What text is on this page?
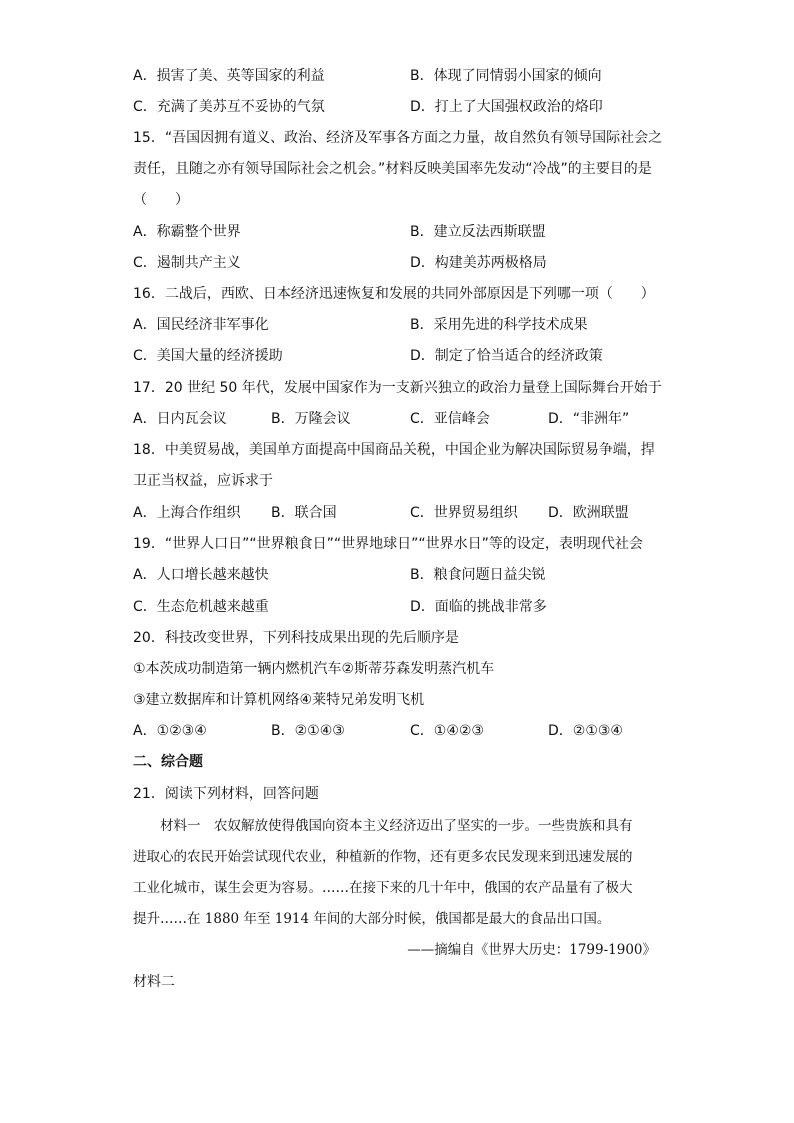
A．损害了美、英等国家的利益	B．体现了同情弱小国家的倾向
C．充满了美苏互不妥协的气氛	D．打上了大国强权政治的烙印
15．“吾国因拥有道义、政治、经济及军事各方面之力量，故自然负有领导国际社会之
责任，且随之亦有领导国际社会之机会。”材料反映美国率先发动“冷战”的主要目的是
（　　）
A．称霸整个世界	B．建立反法西斯联盟
C．遏制共产主义	D．构建美苏两极格局
16．二战后，西欧、日本经济迅速恢复和发展的共同外部原因是下列哪一项（　　）
A．国民经济非军事化	B．采用先进的科学技术成果
C．美国大量的经济援助	D．制定了恰当适合的经济政策
17．20 世纪 50 年代，发展中国家作为一支新兴独立的政治力量登上国际舞台开始于
A．日内瓦会议	B．万隆会议	C．亚信峰会	D．“非洲年”
18．中美贸易战，美国单方面提高中国商品关税，中国企业为解决国际贸易争端，捍
卫正当权益，应诉求于
A．上海合作组织 B．联合国	C．世界贸易组织 D．欧洲联盟
19．“世界人口日”“世界粮食日”“世界地球日”“世界水日”等的设定，表明现代社会
A．人口增长越来越快	B．粮食问题日益尖锐
C．生态危机越来越重	D．面临的挑战非常多
20．科技改变世界，下列科技成果出现的先后顺序是
①本茨成功制造第一辆内燃机汽车②斯蒂芬森发明蒸汽机车
③建立数据库和计算机网络④莱特兄弟发明飞机
A．①②③④	B．②①④③	C．①④②③	D．②①③④
二、综合题
21．阅读下列材料，回答问题
　　材料一　农奴解放使得俄国向资本主义经济迈出了坚实的一步。一些贵族和具有
进取心的农民开始尝试现代农业，种植新的作物，还有更多农民发现来到迅速发展的
工业化城市，谋生会更为容易。……在接下来的几十年中，俄国的农产品量有了极大
提升……在 1880 年至 1914 年间的大部分时候，俄国都是最大的食品出口国。
——摘编自《世界大历史：1799-1900》
材料二
